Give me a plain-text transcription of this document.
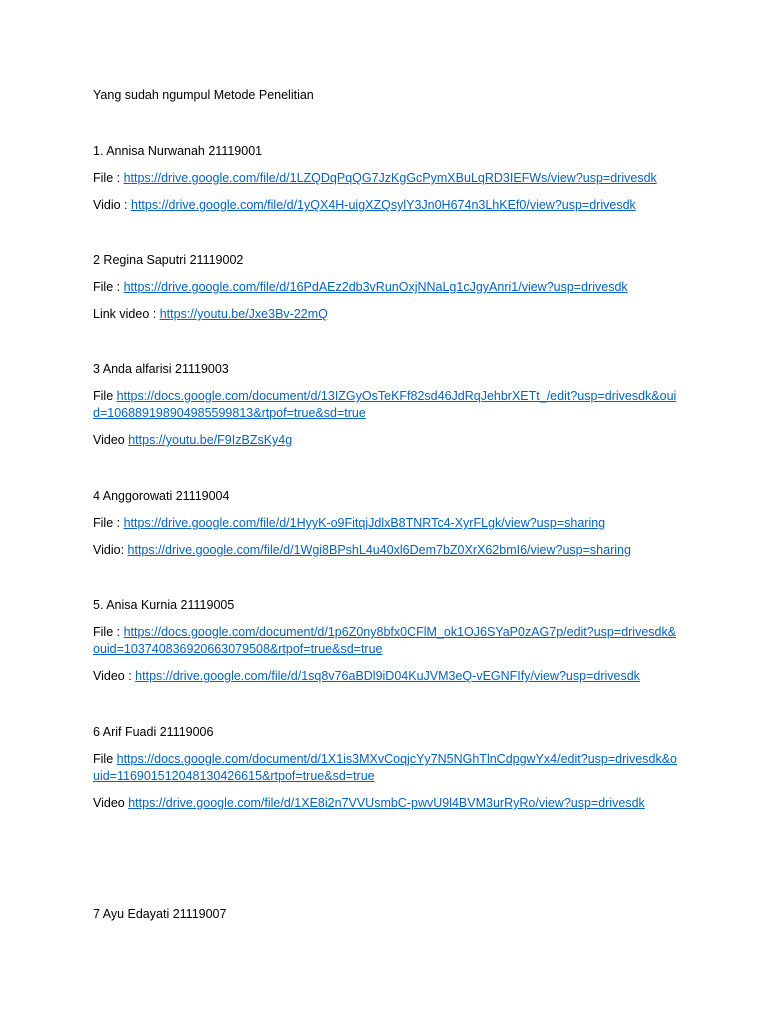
Yang sudah ngumpul Metode Penelitian
1. Annisa Nurwanah 21119001
File : https://drive.google.com/file/d/1LZQDqPqQG7JzKgGcPymXBuLqRD3IEFWs/view?usp=drivesdk
Vidio : https://drive.google.com/file/d/1yQX4H-uigXZQsylY3Jn0H674n3LhKEf0/view?usp=drivesdk
2 Regina Saputri 21119002
File : https://drive.google.com/file/d/16PdAEz2db3vRunOxjNNaLg1cJgyAnri1/view?usp=drivesdk
Link video : https://youtu.be/Jxe3Bv-22mQ
3 Anda alfarisi 21119003
File https://docs.google.com/document/d/13IZGyOsTeKFf82sd46JdRqJehbrXETt_/edit?usp=drivesdk&ouid=106889198904985599813&rtpof=true&sd=true
Video https://youtu.be/F9IzBZsKy4g
4 Anggorowati 21119004
File : https://drive.google.com/file/d/1HyyK-o9FitqjJdlxB8TNRTc4-XyrFLgk/view?usp=sharing
Vidio: https://drive.google.com/file/d/1Wgi8BPshL4u40xl6Dem7bZ0XrX62bmI6/view?usp=sharing
5. Anisa Kurnia 21119005
File : https://docs.google.com/document/d/1p6Z0ny8bfx0CFlM_ok1OJ6SYaP0zAG7p/edit?usp=drivesdk&ouid=103740836920663079508&rtpof=true&sd=true
Video : https://drive.google.com/file/d/1sq8v76aBDl9iD04KuJVM3eQ-vEGNFIfy/view?usp=drivesdk
6 Arif Fuadi 21119006
File https://docs.google.com/document/d/1X1is3MXvCoqjcYy7N5NGhTlnCdpgwYx4/edit?usp=drivesdk&ouid=116901512048130426615&rtpof=true&sd=true
Video https://drive.google.com/file/d/1XE8i2n7VVUsmbC-pwvU9l4BVM3urRyRo/view?usp=drivesdk
7 Ayu Edayati 21119007
